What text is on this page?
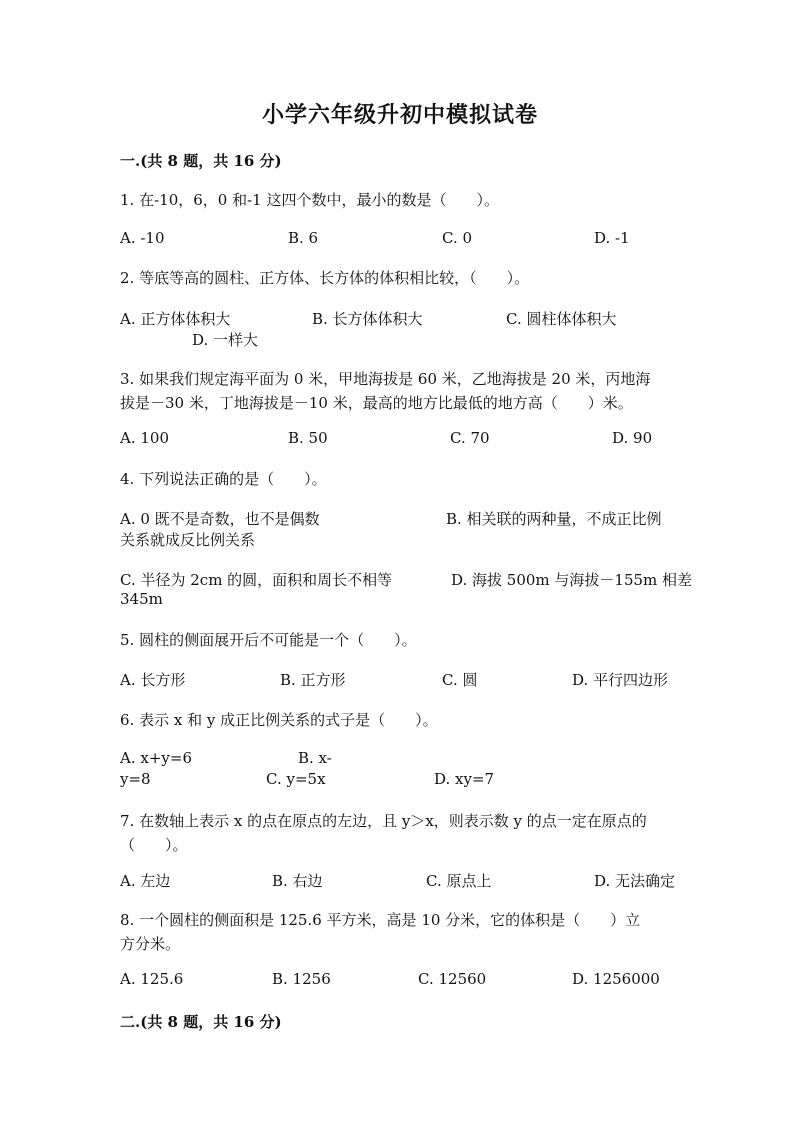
小学六年级升初中模拟试卷
一.(共 8 题，共 16 分)
1. 在-10，6，0 和-1 这四个数中，最小的数是（　　）。
A. -10	B. 6	C. 0	D. -1
2. 等底等高的圆柱、正方体、长方体的体积相比较，（　　）。
A. 正方体体积大	B. 长方体体积大	C. 圆柱体体积大
D. 一样大
3. 如果我们规定海平面为 0 米，甲地海拔是 60 米，乙地海拔是 20 米，丙地海
拔是－30 米，丁地海拔是－10 米，最高的地方比最低的地方高（　　）米。
A. 100	B. 50	C. 70	D. 90
4. 下列说法正确的是（　　）。
A. 0 既不是奇数，也不是偶数	B. 相关联的两种量，不成正比例
关系就成反比例关系
C. 半径为 2cm 的圆，面积和周长不相等	D. 海拔 500m 与海拔－155m 相差
345m
5. 圆柱的侧面展开后不可能是一个（　　）。
A. 长方形	B. 正方形	C. 圆	D. 平行四边形
6. 表示 x 和 y 成正比例关系的式子是（　　）。
A. x+y=6	B. x-
y=8	C. y=5x	D. xy=7
7. 在数轴上表示 x 的点在原点的左边，且 y＞x，则表示数 y 的点一定在原点的
（　　）。
A. 左边	B. 右边	C. 原点上	D. 无法确定
8. 一个圆柱的侧面积是 125.6 平方米，高是 10 分米，它的体积是（　　）立
方分米。
A. 125.6	B. 1256	C. 12560	D. 1256000
二.(共 8 题，共 16 分)
